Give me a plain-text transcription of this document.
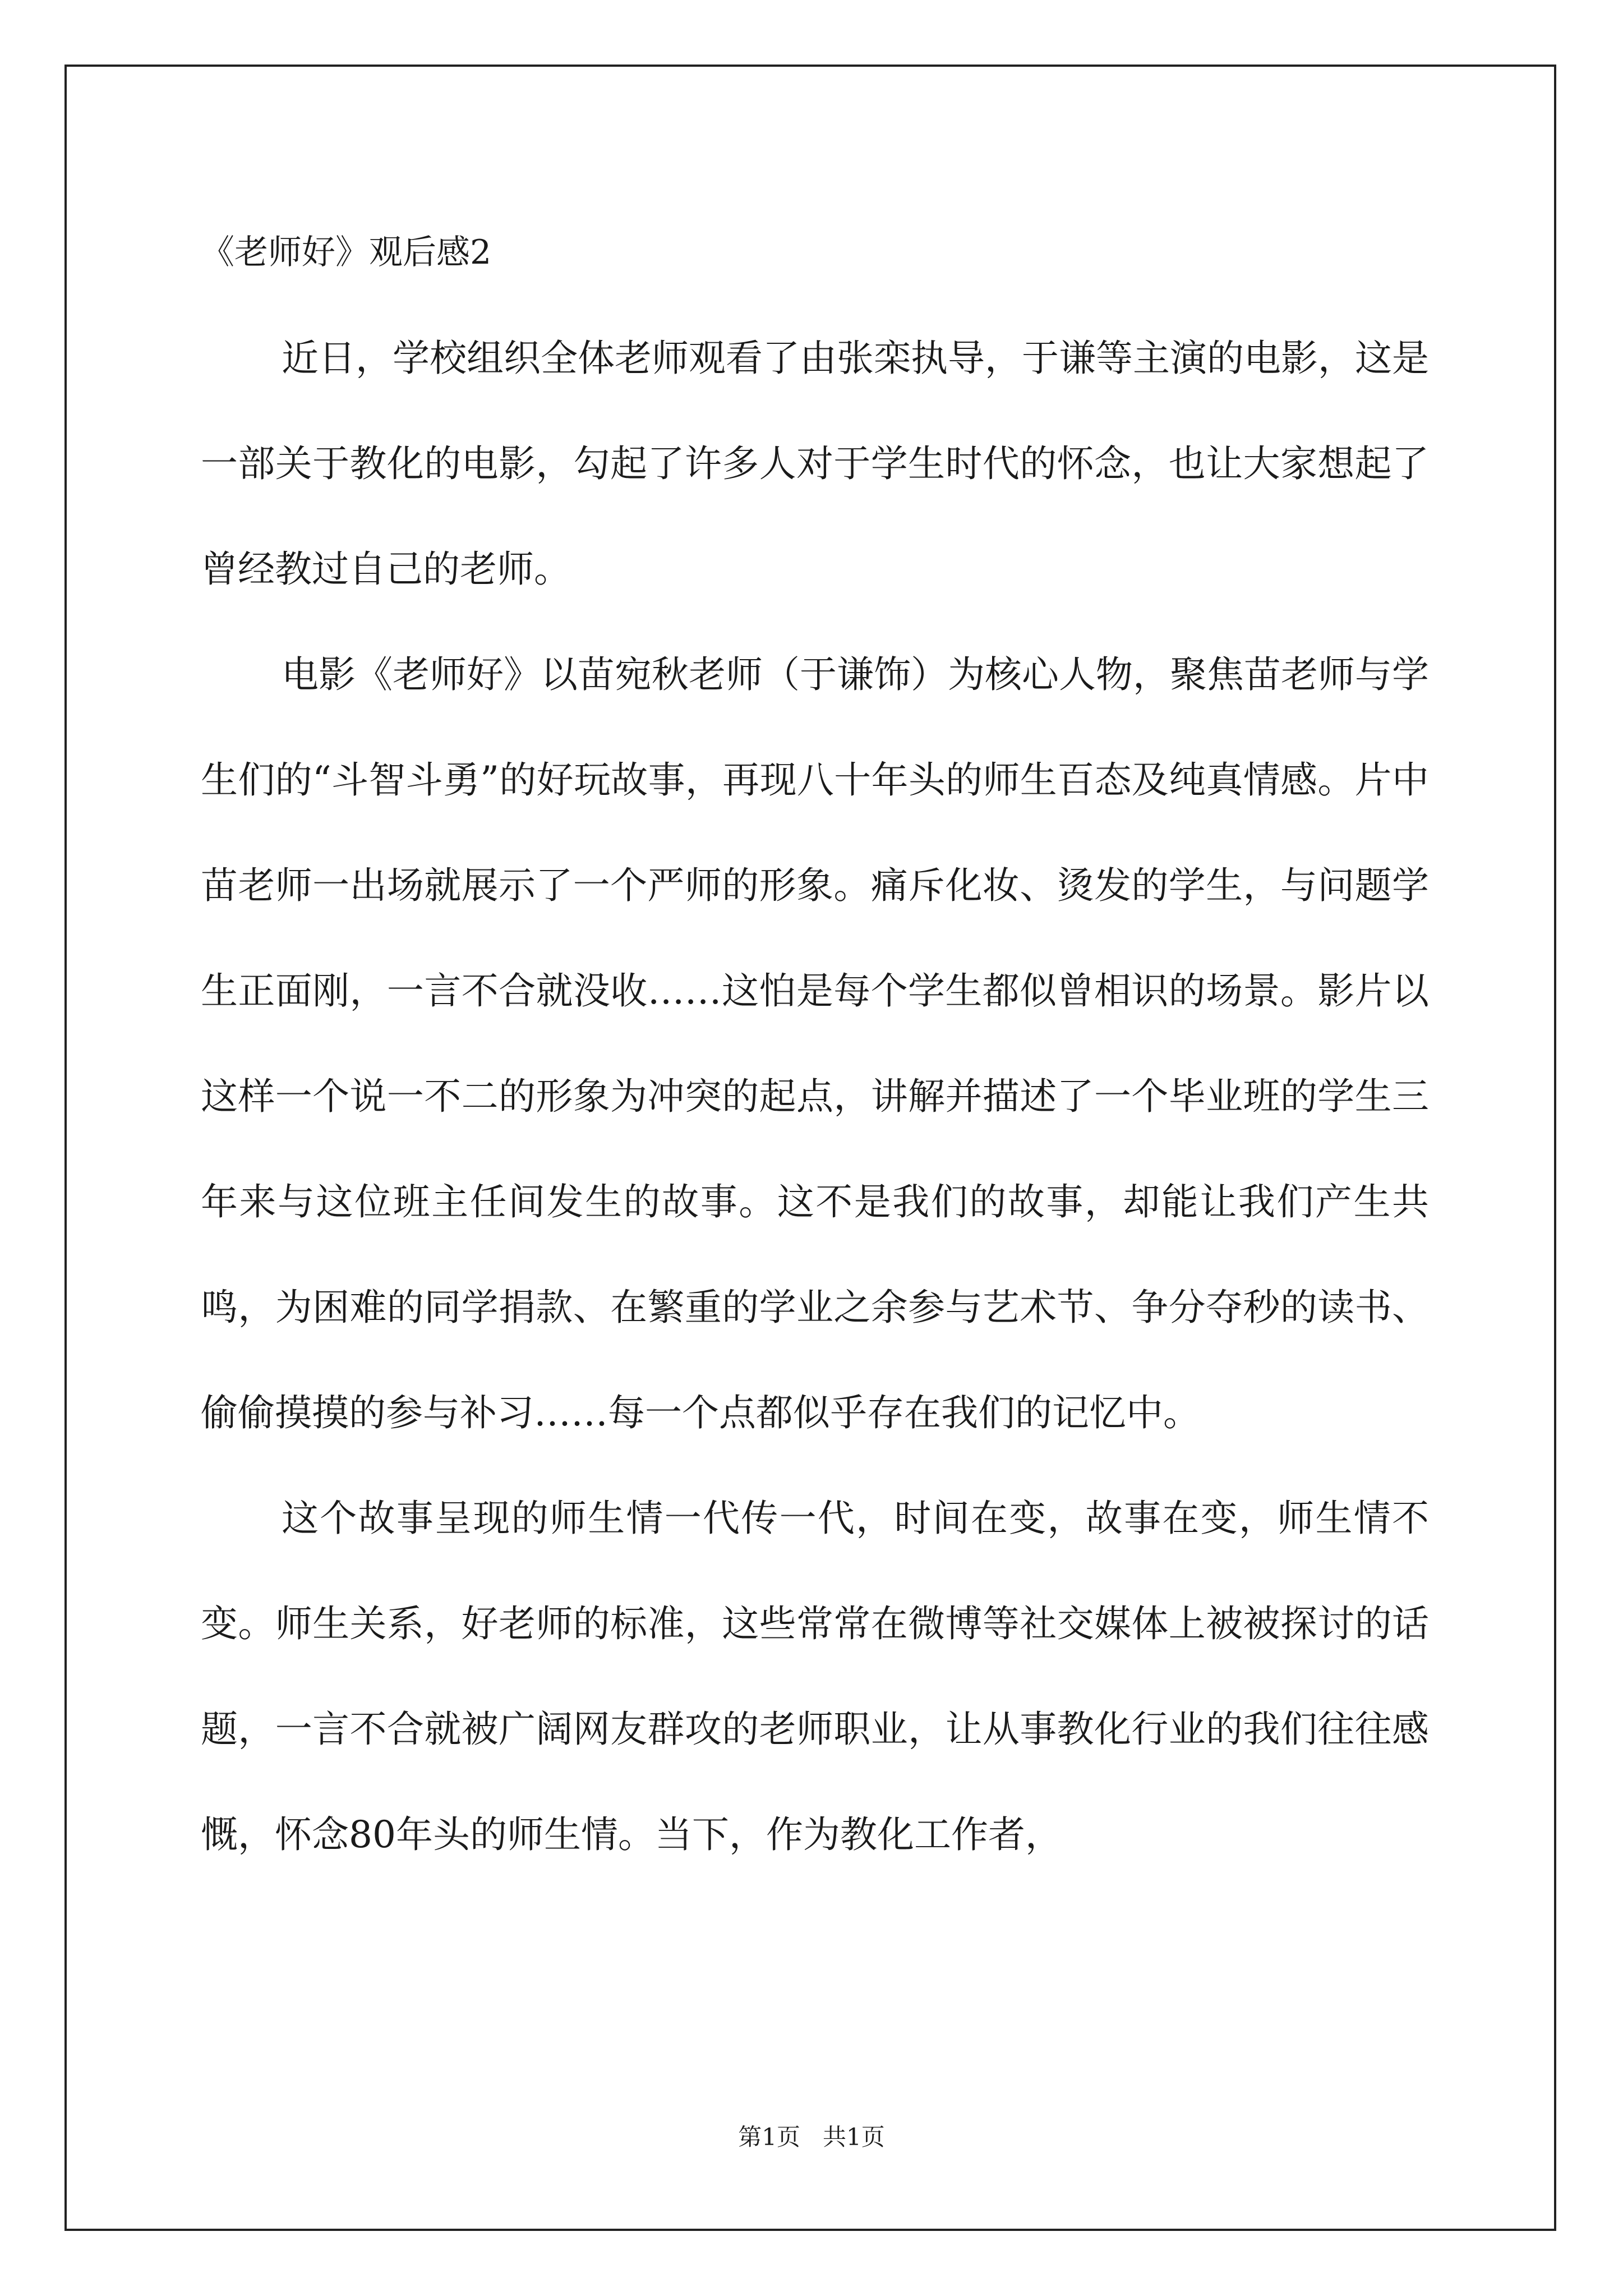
《老师好》观后感2

近日，学校组织全体老师观看了由张栾执导，于谦等主演的电影，这是一部关于教化的电影，勾起了许多人对于学生时代的怀念，也让大家想起了曾经教过自己的老师。

电影《老师好》以苗宛秋老师（于谦饰）为核心人物，聚焦苗老师与学生们的“斗智斗勇”的好玩故事，再现八十年头的师生百态及纯真情感。片中苗老师一出场就展示了一个严师的形象。痛斥化妆、烫发的学生，与问题学生正面刚，一言不合就没收……这怕是每个学生都似曾相识的场景。影片以这样一个说一不二的形象为冲突的起点，讲解并描述了一个毕业班的学生三年来与这位班主任间发生的故事。这不是我们的故事，却能让我们产生共鸣，为困难的同学捐款、在繁重的学业之余参与艺术节、争分夺秒的读书、偷偷摸摸的参与补习……每一个点都似乎存在我们的记忆中。

这个故事呈现的师生情一代传一代，时间在变，故事在变，师生情不变。师生关系，好老师的标准，这些常常在微博等社交媒体上被被探讨的话题，一言不合就被广阔网友群攻的老师职业，让从事教化行业的我们往往感慨，怀念80年头的师生情。当下，作为教化工作者，

第1页   共1页
